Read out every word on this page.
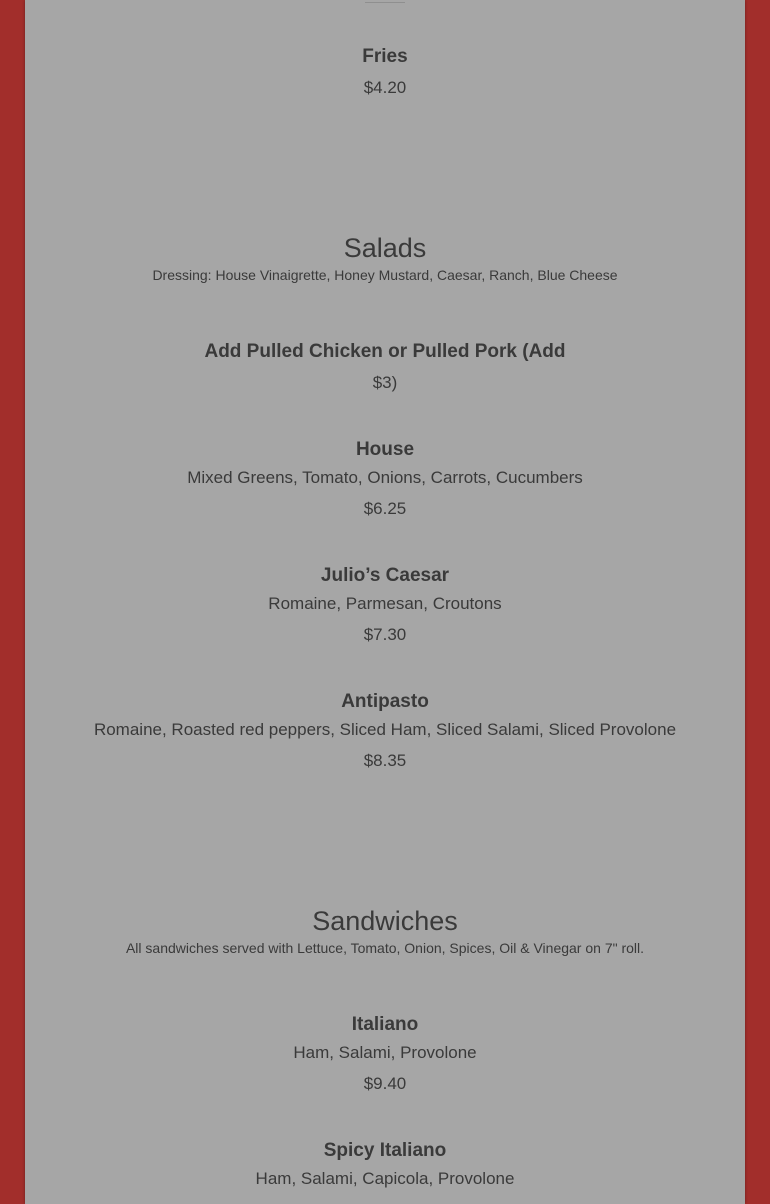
Fries
$4.20
Salads
Dressing: House Vinaigrette, Honey Mustard, Caesar, Ranch, Blue Cheese
Add Pulled Chicken or Pulled Pork (Add
$3)
House
Mixed Greens, Tomato, Onions, Carrots, Cucumbers
$6.25
Julio’s Caesar
Romaine, Parmesan, Croutons
$7.30
Antipasto
Romaine, Roasted red peppers, Sliced Ham, Sliced Salami, Sliced Provolone
$8.35
Sandwiches
All sandwiches served with Lettuce, Tomato, Onion, Spices, Oil & Vinegar on 7" roll.
Italiano
Ham, Salami, Provolone
$9.40
Spicy Italiano
Ham, Salami, Capicola, Provolone
